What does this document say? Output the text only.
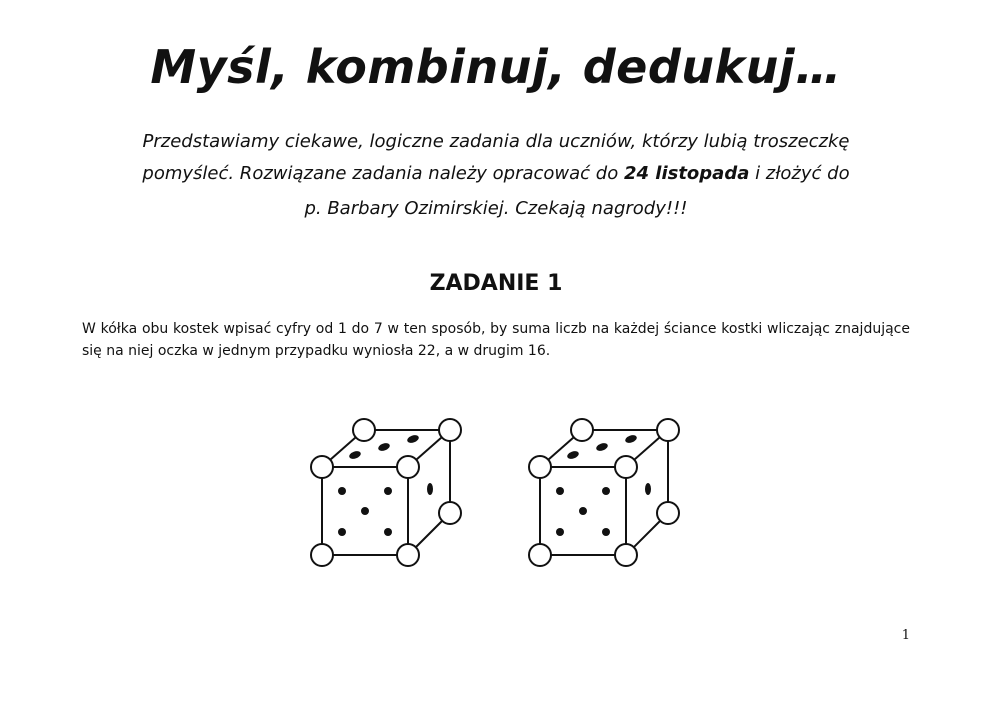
Myśl, kombinuj, dedukuj…
Przedstawiamy ciekawe, logiczne zadania dla uczniów, którzy lubią troszeczkę pomyśleć. Rozwiązane zadania należy opracować do 24 listopada i złożyć do
p. Barbary Ozimirskiej. Czekają nagrody!!!
ZADANIE 1

W kółka obu kostek wpisać cyfry od 1 do 7 w ten sposób, by suma liczb na każdej ściance kostki wliczając znajdujące się na niej oczka w jednym przypadku wyniosła 22, a w drugim 16.

1
